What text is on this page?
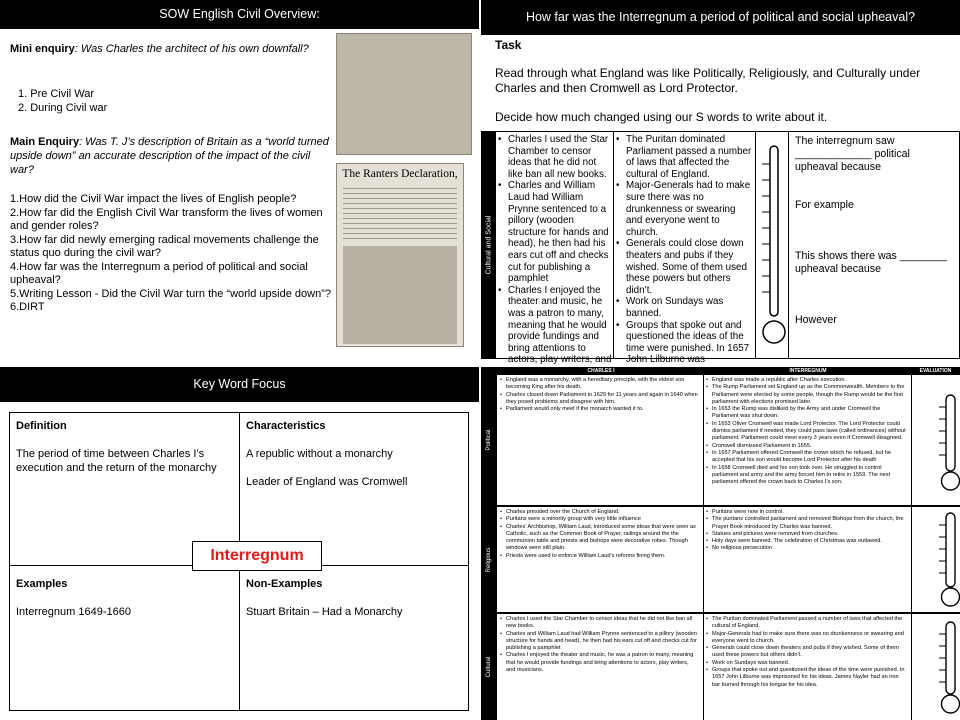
SOW English Civil Overview:
Mini enquiry: Was Charles the architect of his own downfall?
1. Pre Civil War
2. During Civil war
Main Enquiry: Was T. J’s description of Britain as a “world turned upside down” an accurate description of the impact of the civil war?
1.How did the Civil War impact the lives of English people?
2.How far did the English Civil War transform the lives of women and gender roles?
3.How far did newly emerging radical movements challenge the status quo during the civil war?
4.How far was the Interregnum a period of political and social upheaval?
5.Writing Lesson - Did the Civil War turn the “world upside down”?
6.DIRT
The Ranters Declaration,
How far was the Interregnum a period of political and social upheaval?
Task
Read through what England was like Politically, Religiously, and Culturally under Charles and then Cromwell as Lord Protector.
Decide how much changed using our S words to write about it.
Cultural and Social
• Charles I used the Star Chamber to censor ideas that he did not like ban all new books.
• Charles and William Laud had William Prynne sentenced to a pillory (wooden structure for hands and head), he then had his ears cut off and checks cut for publishing a pamphlet
• Charles I enjoyed the theater and music, he was a patron to many, meaning that he would provide fundings and bring attentions to actors, play writers, and
• The Puritan dominated Parliament passed a number of laws that affected the cultural of England.
• Major-Generals had to make sure there was no drunkenness or swearing and everyone went to church.
• Generals could close down theaters and pubs if they wished. Some of them used these powers but others didn’t.
• Work on Sundays was banned.
• Groups that spoke out and questioned the ideas of the time were punished. In 1657 John Lilburne was
The interregnum saw
_____________ political upheaval because
For example
This shows there was ________ upheaval because
However
Key Word Focus
Definition
The period of time between Charles I’s execution and the return of the monarchy
Characteristics
A republic without a monarchy
Leader of England was Cromwell
Examples
Interregnum 1649-1660
Non-Examples
Stuart Britain – Had a Monarchy
Interregnum
CHARLES I	INTERREGNUM	EVALUATION
Political
• England was a monarchy, with a hereditary principle, with the eldest son becoming King after his death.
• Charles closed down Parliament in 1629 for 11 years and again in 1640 when they posed problems and disagree with him.
• Parliament would only meet if the monarch wanted it to.
• England was made a republic after Charles execution.
• The Rump Parliament set England up as the Commonwealth. Members to the Parliament were elected by some people, though the Rump would be the first parliament with elections promised later.
• In 1653 the Rump was disliked by the Army and under Cromwell the Parliament was shut down.
• In 1653 Oliver Cromwell was made Lord Protector. The Lord Protector could dismiss parliament if needed, they could pass laws (called ordinances) without parliament. Parliament could meet every 3 years even if Cromwell disagreed.
• Cromwell dismissed Parliament in 1655.
• In 1657 Parliament offered Cromwell the crown which he refused, but he accepted that his son would become Lord Protector after his death
• In 1658 Cromwell died and his son took over. He struggled to control parliament and army and the army forced him to retire in 1559. The next parliament offered the crown back to Charles I’s son.
Religious
• Charles presided over the Church of England.
• Puritans were a minority group with very little influence
• Charles’ Archbishop, William Laud, introduced some ideas that were seen as Catholic, such as the Common Book of Prayer, railings around the the communion table and priests and bishops were decorative robes. Though windows were still plain.
• Priests were used to enforce William Laud’s reforms fining them.
• Puritans were now in control.
• The puritans controlled parliament and removed Bishops from the church, the Prayer Book introduced by Charles was banned.
• Statues and pictures were removed from churches.
• Holy days were banned. The celebration of Christmas was outlawed.
• No religious persecution
Cultural
• Charles I used the Star Chamber to censor ideas that he did not like ban all new books.
• Charles and William Laud had William Prynne sentenced to a pillory (wooden structure for hands and head), he then had his ears cut off and checks cut for publishing a pamphlet
• Charles I enjoyed the theater and music, he was a patron to many, meaning that he would provide fundings and bring attentions to actors, play writers, and musicians.
• The Puritan dominated Parliament passed a number of laws that affected the cultural of England.
• Major-Generals had to make sure there was no drunkenness or swearing and everyone went to church.
• Generals could close down theaters and pubs if they wished. Some of them used these powers but others didn’t.
• Work on Sundays was banned.
• Groups that spoke out and questioned the ideas of the time were punished. In 1657 John Lilburne was imprisoned for his ideas. James Nayler had an iron bar burned through his tongue for his idea.
